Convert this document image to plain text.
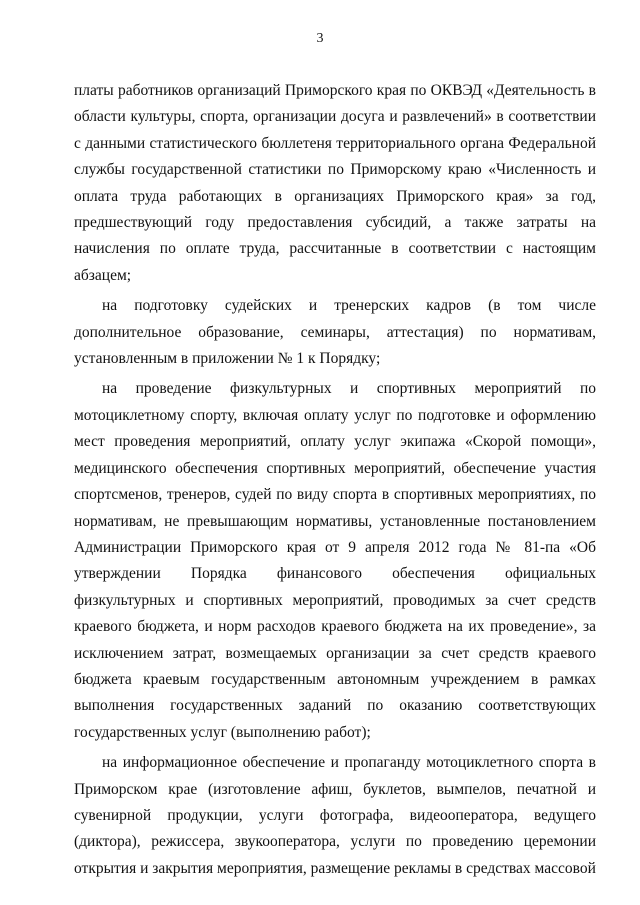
3

платы работников организаций Приморского края по ОКВЭД «Деятельность в области культуры, спорта, организации досуга и развлечений» в соответствии с данными статистического бюллетеня территориального органа Федеральной службы государственной статистики по Приморскому краю «Численность и оплата труда работающих в организациях Приморского края» за год, предшествующий году предоставления субсидий, а также затраты на начисления по оплате труда, рассчитанные в соответствии с настоящим абзацем;

на подготовку судейских и тренерских кадров (в том числе дополнительное образование, семинары, аттестация) по нормативам, установленным в приложении № 1 к Порядку;

на проведение физкультурных и спортивных мероприятий по мотоциклетному спорту, включая оплату услуг по подготовке и оформлению мест проведения мероприятий, оплату услуг экипажа «Скорой помощи», медицинского обеспечения спортивных мероприятий, обеспечение участия спортсменов, тренеров, судей по виду спорта в спортивных мероприятиях, по нормативам, не превышающим нормативы, установленные постановлением Администрации Приморского края от 9 апреля 2012 года № 81-па «Об утверждении Порядка финансового обеспечения официальных физкультурных и спортивных мероприятий, проводимых за счет средств краевого бюджета, и норм расходов краевого бюджета на их проведение», за исключением затрат, возмещаемых организации за счет средств краевого бюджета краевым государственным автономным учреждением в рамках выполнения государственных заданий по оказанию соответствующих государственных услуг (выполнению работ);

на информационное обеспечение и пропаганду мотоциклетного спорта в Приморском крае (изготовление афиш, буклетов, вымпелов, печатной и сувенирной продукции, услуги фотографа, видеооператора, ведущего (диктора), режиссера, звукооператора, услуги по проведению церемонии открытия и закрытия мероприятия, размещение рекламы в средствах массовой
